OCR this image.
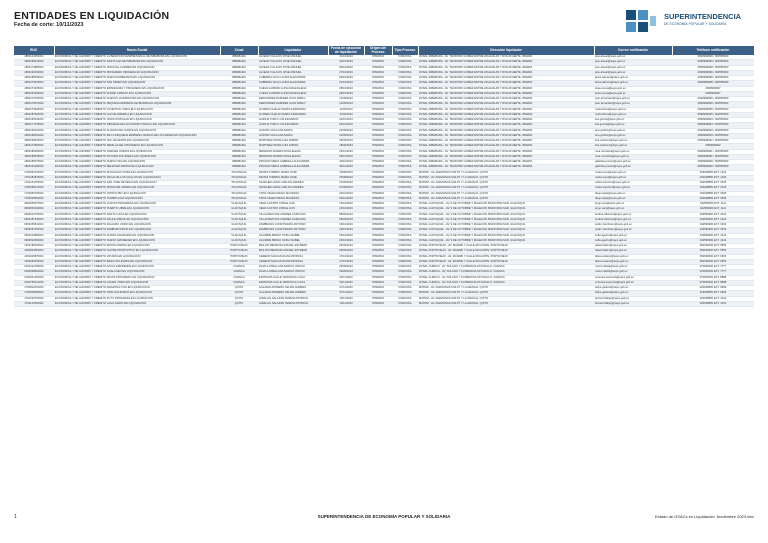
ENTIDADES EN LIQUIDACIÓN
Fecha de corte: 10/11/2023
SUPERINTENDENCIA
DE ECONOMÍA POPULAR Y SOLIDARIA
RUC	Razón Social	Zonal	Liquidador	Fecha de ejecución de liquidación	Origen del Proceso	Tipo Proceso	Dirección liquidador	Correo notificación	Teléfono notificación
1890144350001	ECONÓMICA Y DE AHORRO Y CRÉDITO LA BENDICIÓN EMPRESARIAL DE IMBABURA EN LIQUIDACIÓN	IMBABURA	ALVEAR VILLACIS JOSE MANUEL	31/10/2023	INTERNO	FORZOSA	ZONAL IMBABURA - AV. TEODORO GOMEZ ENTRE ATAHUALPA Y ROCAFUERTE, IBARRA	jose.alvear@seps.gob.ec	0999999999 / 062555000
1890159415001	ECONÓMICA Y DE AHORRO Y CRÉDITO SANTA ANA DE IMBABURA EN LIQUIDACIÓN	IMBABURA	ALVEAR VILLACIS JOSE MANUEL	31/10/2023	INTERNO	FORZOSA	ZONAL IMBABURA - AV. TEODORO GOMEZ ENTRE ATAHUALPA Y ROCAFUERTE, IBARRA	jose.alvear@seps.gob.ec	0999999999 / 062555000
1890174880001	ECONÓMICA Y DE AHORRO Y CRÉDITO UNIÓN EL CARMEN EN LIQUIDACIÓN	IMBABURA	ALVEAR VILLACIS JOSE MANUEL	09/10/2023	INTERNO	FORZOSA	ZONAL IMBABURA - AV. TEODORO GOMEZ ENTRE ATAHUALPA Y ROCAFUERTE, IBARRA	jose.alvear@seps.gob.ec	0999999999 / 062555000
1890190160001	ECONÓMICA Y DE AHORRO Y CRÉDITO PROGRESO INDÍGENA EN LIQUIDACIÓN	IMBABURA	ALVEAR VILLACIS JOSE MANUEL	27/10/2023	INTERNO	FORZOSA	ZONAL IMBABURA - AV. TEODORO GOMEZ ENTRE ATAHUALPA Y ROCAFUERTE, IBARRA	jose.alvear@seps.gob.ec	0999999999 / 062555000
1890185065001	ECONÓMICA Y DE AHORRO Y CRÉDITO NUEVA ESPERANZA EN LIQUIDACIÓN	IMBABURA	CABRERA VACA LAURA ALEJANDRA	09/10/2023	INTERNO	FORZOSA	ZONAL IMBABURA - AV. TEODORO GOMEZ ENTRE ATAHUALPA Y ROCAFUERTE, IBARRA	laura.cabrera@seps.gob.ec	0999999998 / 062555000
1890179345001	ECONÓMICA Y DE AHORRO Y CRÉDITO SAN PEDRO EN LIQUIDACIÓN	IMBABURA	CABRERA VACA LAURA ALEJANDRA	01/10/2023	INTERNO	FORZOSA	ZONAL IMBABURA - AV. TEODORO GOMEZ ENTRE ATAHUALPA Y ROCAFUERTE, IBARRA	laura.cabrera@seps.gob.ec	0999999998 / 062555000
1890171005001	ECONÓMICA Y DE AHORRO Y CRÉDITO ESPERANZA Y PROGRESO EN LIQUIDACIÓN	IMBABURA	CUEVA GUZMÁN LUISA MAGDALENA	28/10/2023	INTERNO	FORZOSA	ZONAL IMBABURA - AV. TEODORO GOMEZ ENTRE ATAHUALPA Y ROCAFUERTE, IBARRA	luisa.cueva@seps.gob.ec	0999999997
1890154290001	ECONÓMICA Y DE AHORRO Y CRÉDITO SUMAK KAWSAY EN LIQUIDACIÓN	IMBABURA	CUEVA GUZMÁN LUISA MAGDALENA	28/10/2023	INTERNO	FORZOSA	ZONAL IMBABURA - AV. TEODORO GOMEZ ENTRE ATAHUALPA Y ROCAFUERTE, IBARRA	luisa.cueva@seps.gob.ec	0999999997
1890170790001	ECONÓMICA Y DE AHORRO Y CRÉDITO NUEVOS HORIZONTES EN LIQUIDACIÓN	IMBABURA	FERNÁNDEZ RAMÍREZ JUAN PABLO	12/09/2023	INTERNO	FORZOSA	ZONAL IMBABURA - AV. TEODORO GOMEZ ENTRE ATAHUALPA Y ROCAFUERTE, IBARRA	juan.fernandez@seps.gob.ec	0999999996 / 062555000
1890176970001	ECONÓMICA Y DE AHORRO Y CRÉDITO PEQUEÑA EMPRESA DE IBARRA EN LIQUIDACIÓN	IMBABURA	FERNÁNDEZ RAMÍREZ JUAN PABLO	12/09/2023	INTERNO	FORZOSA	ZONAL IMBABURA - AV. TEODORO GOMEZ ENTRE ATAHUALPA Y ROCAFUERTE, IBARRA	juan.fernandez@seps.gob.ec	0999999996 / 062555000
1890175925001	ECONÓMICA Y DE AHORRO Y CRÉDITO JUVENTUD UNIDA EN LIQUIDACIÓN	IMBABURA	FLORES CHALÁN MARÍA FERNANDA	11/09/2023	INTERNO	FORZOSA	ZONAL IMBABURA - AV. TEODORO GOMEZ ENTRE ATAHUALPA Y ROCAFUERTE, IBARRA	maria.flores@seps.gob.ec	0999999995 / 062555000
1890187900001	ECONÓMICA Y DE AHORRO Y CRÉDITO LUZ DE AMÉRICA EN LIQUIDACIÓN	IMBABURA	FLORES CHALÁN MARÍA FERNANDA	11/09/2023	INTERNO	FORZOSA	ZONAL IMBABURA - AV. TEODORO GOMEZ ENTRE ATAHUALPA Y ROCAFUERTE, IBARRA	maria.flores@seps.gob.ec	0999999995 / 062555000
1890165330001	ECONÓMICA Y DE AHORRO Y CRÉDITO UNIÓN POPULAR EN LIQUIDACIÓN	IMBABURA	GARCÍA TORO LUIS EDUARDO	03/10/2023	INTERNO	FORZOSA	ZONAL IMBABURA - AV. TEODORO GOMEZ ENTRE ATAHUALPA Y ROCAFUERTE, IBARRA	luis.garcia@seps.gob.ec	0999999994 / 062555000
1890177245001	ECONÓMICA Y DE AHORRO Y CRÉDITO INDÍGENA DEL ECUADOR OTAVALO EN LIQUIDACIÓN	IMBABURA	GARCÍA TORO LUIS EDUARDO	03/10/2023	INTERNO	FORZOSA	ZONAL IMBABURA - AV. TEODORO GOMEZ ENTRE ATAHUALPA Y ROCAFUERTE, IBARRA	luis.garcia@seps.gob.ec	0999999994 / 062555000
1890160100001	ECONÓMICA Y DE AHORRO Y CRÉDITO ALIANZA DEL NORTE EN LIQUIDACIÓN	IMBABURA	GUDIÑO VACA ANA MARÍA	22/09/2023	INTERNO	FORZOSA	ZONAL IMBABURA - AV. TEODORO GOMEZ ENTRE ATAHUALPA Y ROCAFUERTE, IBARRA	ana.gudino@seps.gob.ec	0999999993 / 062555000
1890182810001	ECONÓMICA Y DE AHORRO Y CRÉDITO DE LA PEQUEÑA EMPRESA GRANJA DE LOS ANDES EN LIQUIDACIÓN	IMBABURA	GUDIÑO VACA ANA MARÍA	22/09/2023	INTERNO	FORZOSA	ZONAL IMBABURA - AV. TEODORO GOMEZ ENTRE ATAHUALPA Y ROCAFUERTE, IBARRA	ana.gudino@seps.gob.ec	0999999993 / 062555000
1890168425001	ECONÓMICA Y DE AHORRO Y CRÉDITO SOL NACIENTE EN LIQUIDACIÓN	IMBABURA	MARTÍNEZ MORA LUIS FABIÁN	18/09/2023	INTERNO	FORZOSA	ZONAL IMBABURA - AV. TEODORO GOMEZ ENTRE ATAHUALPA Y ROCAFUERTE, IBARRA	luis.martinez@seps.gob.ec	0999999992 / 062555000
1890173650001	ECONÓMICA Y DE AHORRO Y CRÉDITO SEMILLA DEL PROGRESO EN LIQUIDACIÓN	IMBABURA	MARTÍNEZ MORA LUIS FABIÁN	18/09/2023	INTERNO	FORZOSA	ZONAL IMBABURA - AV. TEODORO GOMEZ ENTRE ATAHUALPA Y ROCAFUERTE, IBARRA	luis.martinez@seps.gob.ec	0999999992
1890180265001	ECONÓMICA Y DE AHORRO Y CRÉDITO CRECER UNIDOS EN LIQUIDACIÓN	IMBABURA	MENDOZA RIVERA ROSA ELENA	25/10/2023	INTERNO	FORZOSA	ZONAL IMBABURA - AV. TEODORO GOMEZ ENTRE ATAHUALPA Y ROCAFUERTE, IBARRA	rosa.mendoza@seps.gob.ec	0999999991 / 062555000
1890186545001	ECONÓMICA Y DE AHORRO Y CRÉDITO FUTURO SOLIDARIO EN LIQUIDACIÓN	IMBABURA	MENDOZA RIVERA ROSA ELENA	25/10/2023	INTERNO	FORZOSA	ZONAL IMBABURA - AV. TEODORO GOMEZ ENTRE ATAHUALPA Y ROCAFUERTE, IBARRA	rosa.mendoza@seps.gob.ec	0999999991 / 062555000
1890189075001	ECONÓMICA Y DE AHORRO Y CRÉDITO NUEVA VIDA EN LIQUIDACIÓN	IMBABURA	PROAÑO MENA GABRIELA ALEJANDRA	30/10/2023	INTERNO	FORZOSA	ZONAL IMBABURA - AV. TEODORO GOMEZ ENTRE ATAHUALPA Y ROCAFUERTE, IBARRA	gabriela.proano@seps.gob.ec	0999999990 / 062555000
1890191280001	ECONÓMICA Y DE AHORRO Y CRÉDITO RENACER ANDINO EN LIQUIDACIÓN	IMBABURA	PROAÑO MENA GABRIELA ALEJANDRA	30/10/2023	INTERNO	FORZOSA	ZONAL IMBABURA - AV. TEODORO GOMEZ ENTRE ATAHUALPA Y ROCAFUERTE, IBARRA	gabriela.proano@seps.gob.ec	0999999990 / 062555000
1790964160001	ECONÓMICA Y DE AHORRO Y CRÉDITO PICHINCHA UNIDA EN LIQUIDACIÓN	PICHINCHA	REYES TORRES MARÍA JOSÉ	15/08/2023	INTERNO	FORZOSA	MATRIZ - AV. AMAZONAS N32-87 Y LA GRANJA, QUITO	maria.reyes@seps.gob.ec	023948850 EXT. 1234
1791281840001	ECONÓMICA Y DE AHORRO Y CRÉDITO VALLE DE LOS CHILLOS EN LIQUIDACIÓN	PICHINCHA	REYES TORRES MARÍA JOSÉ	15/08/2023	INTERNO	FORZOSA	MATRIZ - AV. AMAZONAS N32-87 Y LA GRANJA, QUITO	maria.reyes@seps.gob.ec	023948850 EXT. 1234
1792134750001	ECONÓMICA Y DE AHORRO Y CRÉDITO SAN JOSÉ DE MINAS EN LIQUIDACIÓN	PICHINCHA	SÁNCHEZ LEÓN CARLOS ANDRÉS	21/09/2023	INTERNO	FORZOSA	MATRIZ - AV. AMAZONAS N32-87 Y LA GRANJA, QUITO	carlos.sanchez@seps.gob.ec	023948850 EXT. 2345
1792468410001	ECONÓMICA Y DE AHORRO Y CRÉDITO MITAD DEL MUNDO EN LIQUIDACIÓN	PICHINCHA	SÁNCHEZ LEÓN CARLOS ANDRÉS	21/09/2023	INTERNO	FORZOSA	MATRIZ - AV. AMAZONAS N32-87 Y LA GRANJA, QUITO	carlos.sanchez@seps.gob.ec	023948850 EXT. 2345
1792957030001	ECONÓMICA Y DE AHORRO Y CRÉDITO CRISTO REY EN LIQUIDACIÓN	PICHINCHA	TAPIA VÉLEZ DIEGO MAURICIO	04/10/2023	INTERNO	FORZOSA	MATRIZ - AV. AMAZONAS N32-87 Y LA GRANJA, QUITO	diego.tapia@seps.gob.ec	023948850 EXT. 3456
1793045660001	ECONÓMICA Y DE AHORRO Y CRÉDITO CUMBAYÁ EN LIQUIDACIÓN	PICHINCHA	TAPIA VÉLEZ DIEGO MAURICIO	04/10/2023	INTERNO	FORZOSA	MATRIZ - AV. AMAZONAS N32-87 Y LA GRANJA, QUITO	diego.tapia@seps.gob.ec	023948850 EXT. 3456
0992650970001	ECONÓMICA Y DE AHORRO Y CRÉDITO GUAYAS PROGRESA EN LIQUIDACIÓN	GUAYAQUIL	VERA CASTRO JORGE LUIS	13/10/2023	INTERNO	FORZOSA	ZONAL GUAYAQUIL - AV. 9 DE OCTUBRE Y MALECÓN SIMÓN BOLÍVAR, GUAYAQUIL	jorge.vera@seps.gob.ec	042599900 EXT. 1111
0992845190001	ECONÓMICA Y DE AHORRO Y CRÉDITO PUERTO LIBRE EN LIQUIDACIÓN	GUAYAQUIL	VERA CASTRO JORGE LUIS	13/10/2023	INTERNO	FORZOSA	ZONAL GUAYAQUIL - AV. 9 DE OCTUBRE Y MALECÓN SIMÓN BOLÍVAR, GUAYAQUIL	jorge.vera@seps.gob.ec	042599900 EXT. 1111
0993012760001	ECONÓMICA Y DE AHORRO Y CRÉDITO SANTA LUCÍA EN LIQUIDACIÓN	GUAYAQUIL	VILLACRÉS PAZ ANDREA CAROLINA	08/09/2023	INTERNO	FORZOSA	ZONAL GUAYAQUIL - AV. 9 DE OCTUBRE Y MALECÓN SIMÓN BOLÍVAR, GUAYAQUIL	andrea.villacres@seps.gob.ec	042599900 EXT. 2222
0993187340001	ECONÓMICA Y DE AHORRO Y CRÉDITO DAULE CRECE EN LIQUIDACIÓN	GUAYAQUIL	VILLACRÉS PAZ ANDREA CAROLINA	08/09/2023	INTERNO	FORZOSA	ZONAL GUAYAQUIL - AV. 9 DE OCTUBRE Y MALECÓN SIMÓN BOLÍVAR, GUAYAQUIL	andrea.villacres@seps.gob.ec	042599900 EXT. 2222
0993256810001	ECONÓMICA Y DE AHORRO Y CRÉDITO MILAGRO UNIDO EN LIQUIDACIÓN	GUAYAQUIL	ZAMBRANO LOOR PEDRO ANTONIO	19/10/2023	INTERNO	FORZOSA	ZONAL GUAYAQUIL - AV. 9 DE OCTUBRE Y MALECÓN SIMÓN BOLÍVAR, GUAYAQUIL	pedro.zambrano@seps.gob.ec	042599900 EXT. 3333
0993367250001	ECONÓMICA Y DE AHORRO Y CRÉDITO SAMBORONDÓN EN LIQUIDACIÓN	GUAYAQUIL	ZAMBRANO LOOR PEDRO ANTONIO	19/10/2023	INTERNO	FORZOSA	ZONAL GUAYAQUIL - AV. 9 DE OCTUBRE Y MALECÓN SIMÓN BOLÍVAR, GUAYAQUIL	pedro.zambrano@seps.gob.ec	042599900 EXT. 3333
0993410580001	ECONÓMICA Y DE AHORRO Y CRÉDITO DURÁN SOLIDARIO EN LIQUIDACIÓN	GUAYAQUIL	AGUIRRE BRAVO SOFÍA ISABEL	26/10/2023	INTERNO	FORZOSA	ZONAL GUAYAQUIL - AV. 9 DE OCTUBRE Y MALECÓN SIMÓN BOLÍVAR, GUAYAQUIL	sofia.aguirre@seps.gob.ec	042599900 EXT. 4444
0993522690001	ECONÓMICA Y DE AHORRO Y CRÉDITO NUEVO AMANECER EN LIQUIDACIÓN	GUAYAQUIL	AGUIRRE BRAVO SOFÍA ISABEL	26/10/2023	INTERNO	FORZOSA	ZONAL GUAYAQUIL - AV. 9 DE OCTUBRE Y MALECÓN SIMÓN BOLÍVAR, GUAYAQUIL	sofia.aguirre@seps.gob.ec	042599900 EXT. 4444
1391780230001	ECONÓMICA Y DE AHORRO Y CRÉDITO MANTA MARINA EN LIQUIDACIÓN	PORTOVIEJO	BAILÓN MENDOZA RAFAEL ESTEBAN	06/09/2023	INTERNO	FORZOSA	ZONAL PORTOVIEJO - AV. MANABÍ Y CALLE RICAURTE, PORTOVIEJO	rafael.bailon@seps.gob.ec	052630000 EXT. 5555
1391834560001	ECONÓMICA Y DE AHORRO Y CRÉDITO CHONE PRODUCTIVO EN LIQUIDACIÓN	PORTOVIEJO	BAILÓN MENDOZA RAFAEL ESTEBAN	06/09/2023	INTERNO	FORZOSA	ZONAL PORTOVIEJO - AV. MANABÍ Y CALLE RICAURTE, PORTOVIEJO	rafael.bailon@seps.gob.ec	052630000 EXT. 5555
1391925870001	ECONÓMICA Y DE AHORRO Y CRÉDITO JIPIJAPA EN LIQUIDACIÓN	PORTOVIEJO	CEDEÑO MACÍAS DIANA PATRICIA	17/10/2023	INTERNO	FORZOSA	ZONAL PORTOVIEJO - AV. MANABÍ Y CALLE RICAURTE, PORTOVIEJO	diana.cedeno@seps.gob.ec	052630000 EXT. 6666
1392048150001	ECONÓMICA Y DE AHORRO Y CRÉDITO BAHÍA SOLIDARIA EN LIQUIDACIÓN	PORTOVIEJO	CEDEÑO MACÍAS DIANA PATRICIA	17/10/2023	INTERNO	FORZOSA	ZONAL PORTOVIEJO - AV. MANABÍ Y CALLE RICAURTE, PORTOVIEJO	diana.cedeno@seps.gob.ec	052630000 EXT. 6666
0190412780001	ECONÓMICA Y DE AHORRO Y CRÉDITO AZUAY EMPRENDE EN LIQUIDACIÓN	CUENCA	DÁVILA ORELLANA MARCO VINICIO	29/09/2023	INTERNO	FORZOSA	ZONAL CUENCA - AV. SOLANO Y FLORENCIA ASTUDILLO, CUENCA	marco.davila@seps.gob.ec	072830000 EXT. 7777
0190538920001	ECONÓMICA Y DE AHORRO Y CRÉDITO GUALACEO EN LIQUIDACIÓN	CUENCA	DÁVILA ORELLANA MARCO VINICIO	29/09/2023	INTERNO	FORZOSA	ZONAL CUENCA - AV. SOLANO Y FLORENCIA ASTUDILLO, CUENCA	marco.davila@seps.gob.ec	072830000 EXT. 7777
0190641360001	ECONÓMICA Y DE AHORRO Y CRÉDITO PAUTE PROGRESO EN LIQUIDACIÓN	CUENCA	ESPINOZA CALLE VERÓNICA LUCÍA	02/11/2023	INTERNO	FORZOSA	ZONAL CUENCA - AV. SOLANO Y FLORENCIA ASTUDILLO, CUENCA	veronica.espinoza@seps.gob.ec	072830000 EXT. 8888
0190755410001	ECONÓMICA Y DE AHORRO Y CRÉDITO CAÑAR UNIDO EN LIQUIDACIÓN	CUENCA	ESPINOZA CALLE VERÓNICA LUCÍA	02/11/2023	INTERNO	FORZOSA	ZONAL CUENCA - AV. SOLANO Y FLORENCIA ASTUDILLO, CUENCA	veronica.espinoza@seps.gob.ec	072830000 EXT. 8888
1790812450001	ECONÓMICA Y DE AHORRO Y CRÉDITO AMAZONÍA VIVA EN LIQUIDACIÓN	QUITO	GALARZA ROMERO FELIPE ANDRÉS	07/11/2023	INTERNO	FORZOSA	MATRIZ - AV. AMAZONAS N32-87 Y LA GRANJA, QUITO	felipe.galarza@seps.gob.ec	023948850 EXT. 9999
1790925680001	ECONÓMICA Y DE AHORRO Y CRÉDITO TENA SOLIDARIO EN LIQUIDACIÓN	QUITO	GALARZA ROMERO FELIPE ANDRÉS	07/11/2023	INTERNO	FORZOSA	MATRIZ - AV. AMAZONAS N32-87 Y LA GRANJA, QUITO	felipe.galarza@seps.gob.ec	023948850 EXT. 9999
1791036790001	ECONÓMICA Y DE AHORRO Y CRÉDITO PUYO PROGRESA EN LIQUIDACIÓN	QUITO	HIDALGO SALAZAR TERESA PATRICIA	10/11/2023	INTERNO	FORZOSA	MATRIZ - AV. AMAZONAS N32-87 Y LA GRANJA, QUITO	teresa.hidalgo@seps.gob.ec	023948850 EXT. 1010
1791147820001	ECONÓMICA Y DE AHORRO Y CRÉDITO LAGO AGRIO EN LIQUIDACIÓN	QUITO	HIDALGO SALAZAR TERESA PATRICIA	10/11/2023	INTERNO	FORZOSA	MATRIZ - AV. AMAZONAS N32-87 Y LA GRANJA, QUITO	teresa.hidalgo@seps.gob.ec	023948850 EXT. 1010
SUPERINTENDENCIA DE ECONOMÍA POPULAR Y SOLIDARIA
1	Estado de OSACs en Liquidación: Noviembre 2023.xlsx
